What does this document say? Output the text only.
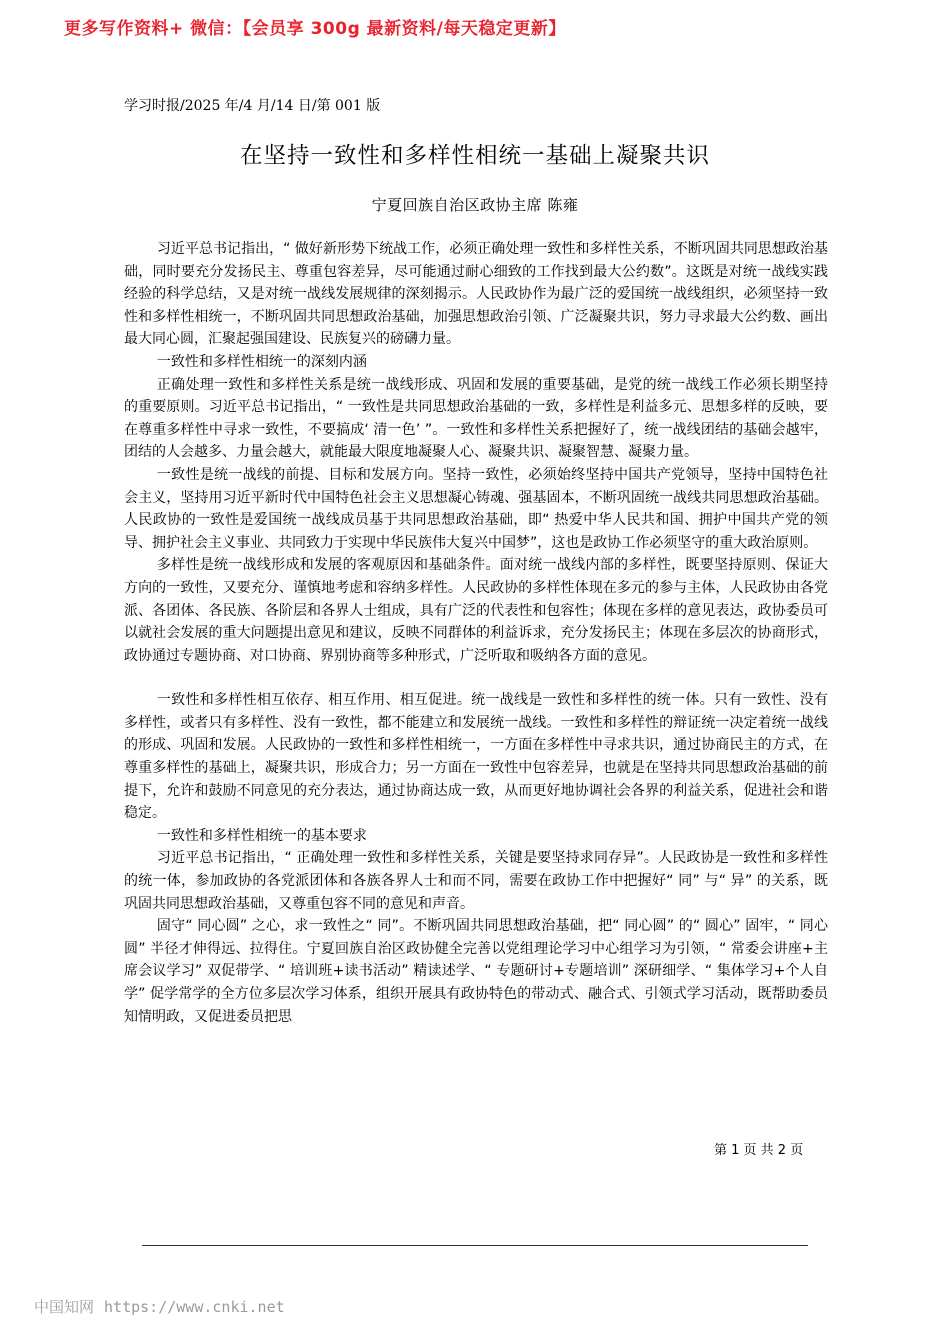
更多写作资料+ 微信：【会员享 300g 最新资料/每天稳定更新】
学习时报/2025 年/4 月/14 日/第 001 版
在坚持一致性和多样性相统一基础上凝聚共识
宁夏回族自治区政协主席 陈雍

习近平总书记指出，“ 做好新形势下统战工作，必须正确处理一致性和多样性关系，不断巩固共同思想政治基础，同时要充分发扬民主、尊重包容差异，尽可能通过耐心细致的工作找到最大公约数”。这既是对统一战线实践经验的科学总结，又是对统一战线发展规律的深刻揭示。人民政协作为最广泛的爱国统一战线组织，必须坚持一致性和多样性相统一，不断巩固共同思想政治基础，加强思想政治引领、广泛凝聚共识，努力寻求最大公约数、画出最大同心圆，汇聚起强国建设、民族复兴的磅礴力量。

一致性和多样性相统一的深刻内涵

正确处理一致性和多样性关系是统一战线形成、巩固和发展的重要基础，是党的统一战线工作必须长期坚持的重要原则。习近平总书记指出，“ 一致性是共同思想政治基础的一致，多样性是利益多元、思想多样的反映，要在尊重多样性中寻求一致性，不要搞成‘ 清一色’ ”。一致性和多样性关系把握好了，统一战线团结的基础会越牢，团结的人会越多、力量会越大，就能最大限度地凝聚人心、凝聚共识、凝聚智慧、凝聚力量。

一致性是统一战线的前提、目标和发展方向。坚持一致性，必须始终坚持中国共产党领导，坚持中国特色社会主义，坚持用习近平新时代中国特色社会主义思想凝心铸魂、强基固本，不断巩固统一战线共同思想政治基础。人民政协的一致性是爱国统一战线成员基于共同思想政治基础，即“ 热爱中华人民共和国、拥护中国共产党的领导、拥护社会主义事业、共同致力于实现中华民族伟大复兴中国梦”，这也是政协工作必须坚守的重大政治原则。

多样性是统一战线形成和发展的客观原因和基础条件。面对统一战线内部的多样性，既要坚持原则、保证大方向的一致性，又要充分、谨慎地考虑和容纳多样性。人民政协的多样性体现在多元的参与主体，人民政协由各党派、各团体、各民族、各阶层和各界人士组成，具有广泛的代表性和包容性；体现在多样的意见表达，政协委员可以就社会发展的重大问题提出意见和建议，反映不同群体的利益诉求，充分发扬民主；体现在多层次的协商形式，政协通过专题协商、对口协商、界别协商等多种形式，广泛听取和吸纳各方面的意见。

一致性和多样性相互依存、相互作用、相互促进。统一战线是一致性和多样性的统一体。只有一致性、没有多样性，或者只有多样性、没有一致性，都不能建立和发展统一战线。一致性和多样性的辩证统一决定着统一战线的形成、巩固和发展。人民政协的一致性和多样性相统一，一方面在多样性中寻求共识，通过协商民主的方式，在尊重多样性的基础上，凝聚共识，形成合力；另一方面在一致性中包容差异，也就是在坚持共同思想政治基础的前提下，允许和鼓励不同意见的充分表达，通过协商达成一致，从而更好地协调社会各界的利益关系，促进社会和谐稳定。

一致性和多样性相统一的基本要求

习近平总书记指出，“ 正确处理一致性和多样性关系，关键是要坚持求同存异”。人民政协是一致性和多样性的统一体，参加政协的各党派团体和各族各界人士和而不同，需要在政协工作中把握好“ 同” 与“ 异” 的关系，既巩固共同思想政治基础，又尊重包容不同的意见和声音。

固守“ 同心圆” 之心，求一致性之“ 同”。不断巩固共同思想政治基础，把“ 同心圆” 的“ 圆心” 固牢，“ 同心圆” 半径才伸得远、拉得住。宁夏回族自治区政协健全完善以党组理论学习中心组学习为引领，“ 常委会讲座+主席会议学习” 双促带学、“ 培训班+读书活动” 精读述学、“ 专题研讨+专题培训” 深研细学、“ 集体学习+个人自学” 促学常学的全方位多层次学习体系，组织开展具有政协特色的带动式、融合式、引领式学习活动，既帮助委员知情明政，又促进委员把思

第 1 页 共 2 页
中国知网 https://www.cnki.net
